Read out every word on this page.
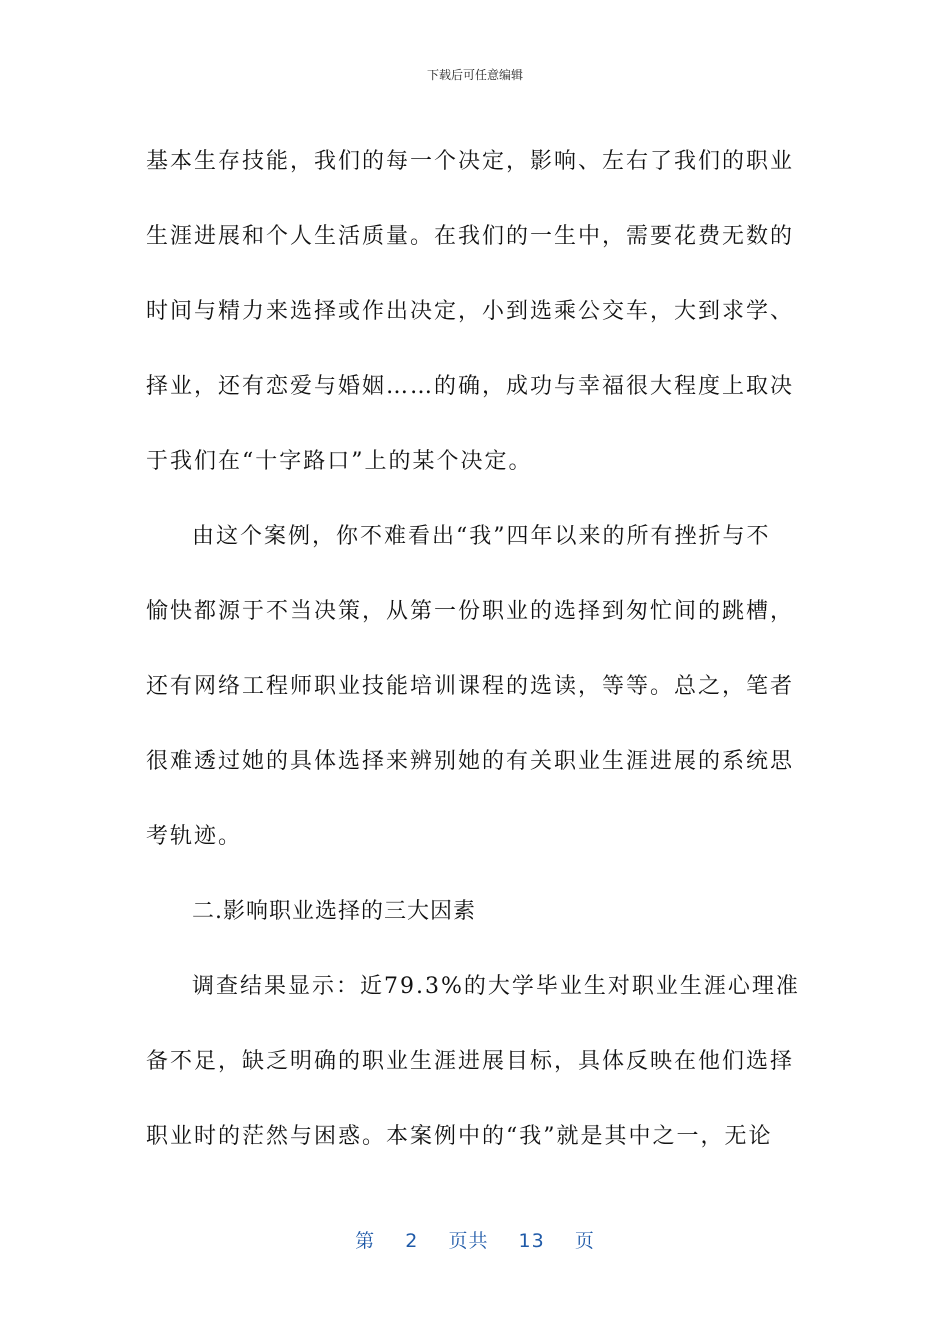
下载后可任意编辑
基本生存技能，我们的每一个决定，影响、左右了我们的职业
生涯进展和个人生活质量。在我们的一生中，需要花费无数的
时间与精力来选择或作出决定，小到选乘公交车，大到求学、
择业，还有恋爱与婚姻……的确，成功与幸福很大程度上取决
于我们在“十字路口”上的某个决定。
由这个案例，你不难看出“我”四年以来的所有挫折与不
愉快都源于不当决策，从第一份职业的选择到匆忙间的跳槽，
还有网络工程师职业技能培训课程的选读，等等。总之，笔者
很难透过她的具体选择来辨别她的有关职业生涯进展的系统思
考轨迹。
二.影响职业选择的三大因素
调查结果显示：近79.3%的大学毕业生对职业生涯心理准
备不足，缺乏明确的职业生涯进展目标，具体反映在他们选择
职业时的茫然与困惑。本案例中的“我”就是其中之一，无论
第 2 页共 13 页
